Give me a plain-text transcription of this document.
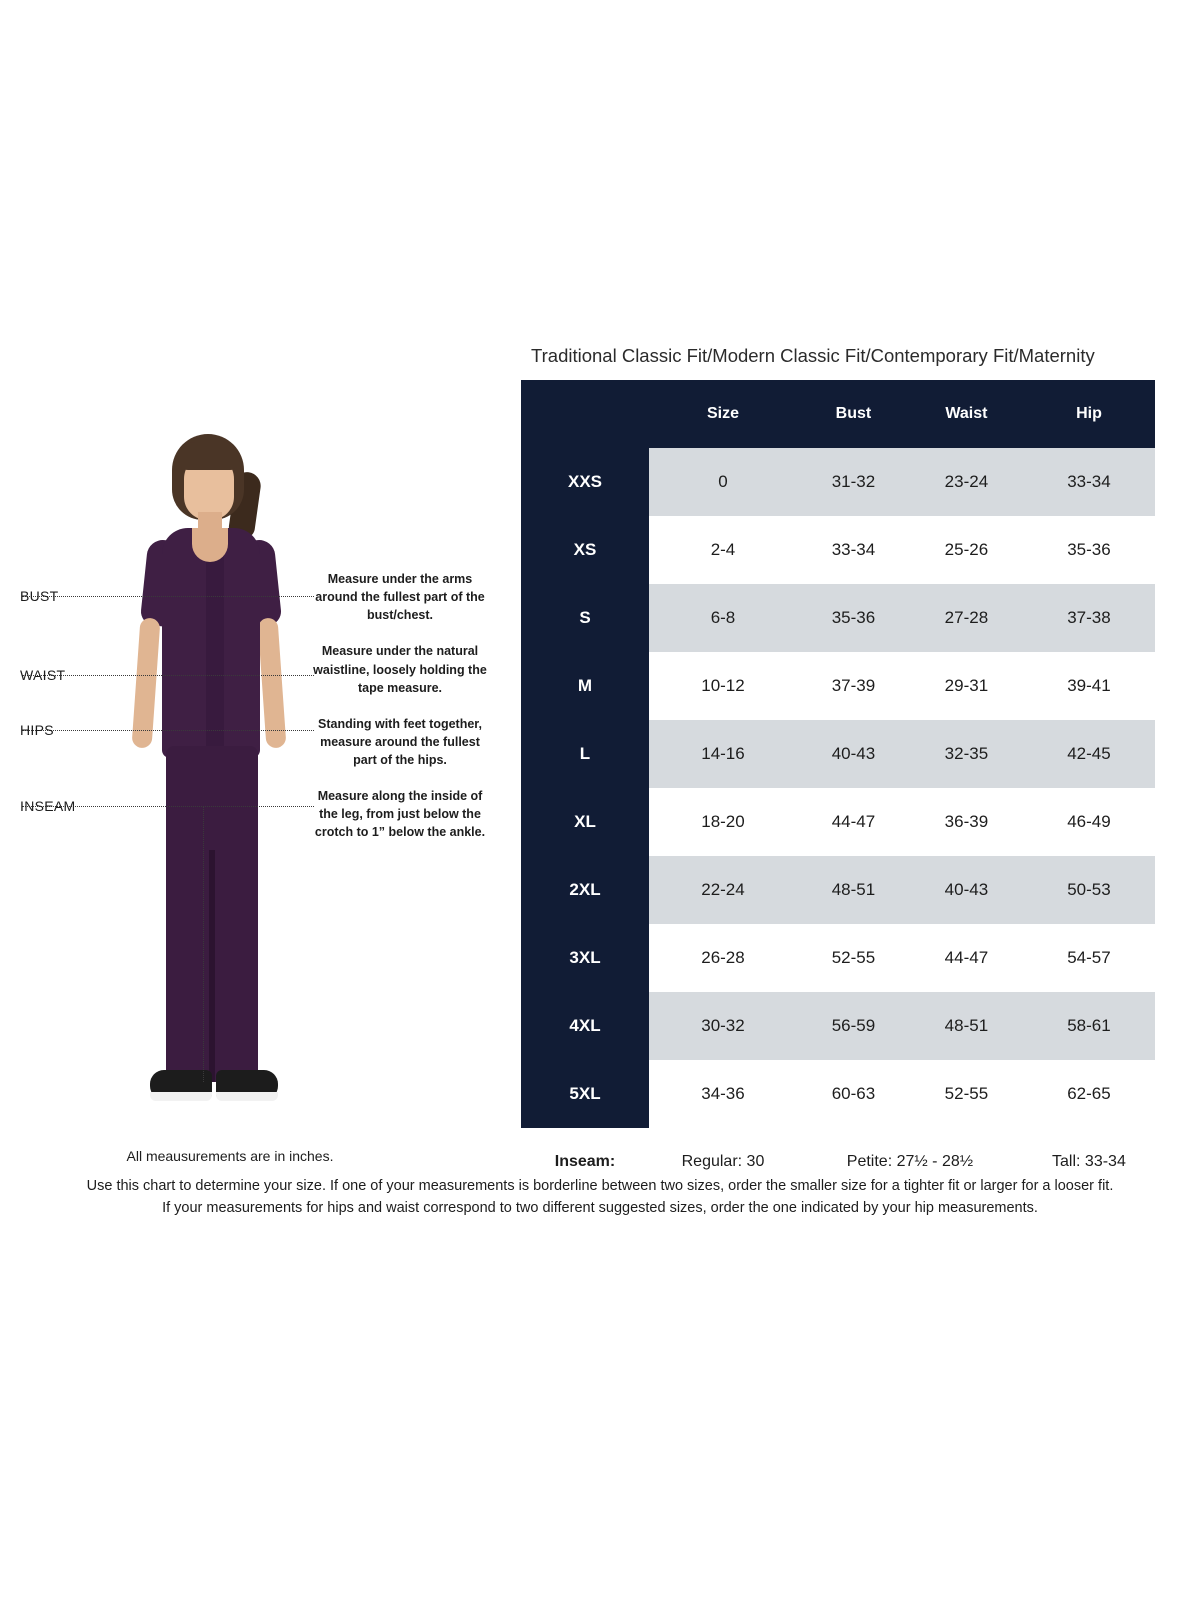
BUST
WAIST
HIPS
INSEAM
Measure under the arms around the fullest part of the bust/chest.
Measure under the natural waistline, loosely holding the tape measure.
Standing with feet together, measure around the fullest part of the hips.
Measure along the inside of the leg, from just below the crotch to 1” below the ankle.
All meausurements are in inches.
Traditional Classic Fit/Modern Classic Fit/Contemporary Fit/Maternity
	Size	Bust	Waist	Hip
XXS	0	31-32	23-24	33-34
XS	2-4	33-34	25-26	35-36
S	6-8	35-36	27-28	37-38
M	10-12	37-39	29-31	39-41
L	14-16	40-43	32-35	42-45
XL	18-20	44-47	36-39	46-49
2XL	22-24	48-51	40-43	50-53
3XL	26-28	52-55	44-47	54-57
4XL	30-32	56-59	48-51	58-61
5XL	34-36	60-63	52-55	62-65
Inseam:	Regular: 30	Petite: 27½ - 28½		Tall: 33-34
Use this chart to determine your size. If one of your measurements is borderline between two sizes, order the smaller size for a tighter fit or larger for a looser fit.
If your measurements for hips and waist correspond to two different suggested sizes, order the one indicated by your hip measurements.
